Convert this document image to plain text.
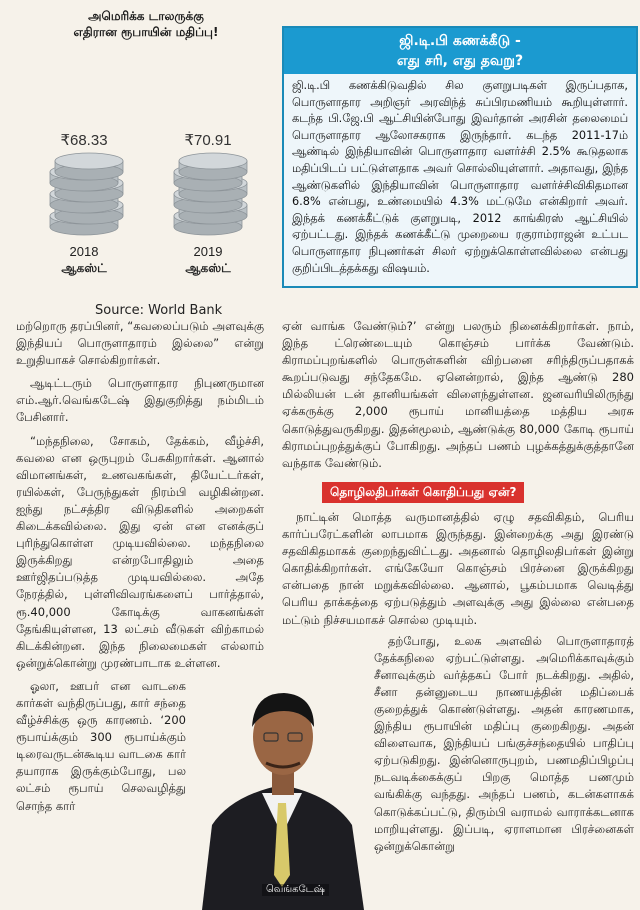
அமெரிக்க டாலருக்கு
எதிரான ரூபாயின் மதிப்பு!
₹68.33
2018
ஆகஸ்ட்
₹70.91
2019
ஆகஸ்ட்
Source: World Bank
ஜி.டி.பி கணக்கீடு -
எது சரி, எது தவறு?
ஜி.டி.பி கணக்கிடுவதில் சில குளறுபடிகள் இருப்பதாக, பொருளாதார அறிஞர் அரவிந்த் சுப்பிரமணியம் கூறியுள்ளார். கடந்த பி.ஜே.பி ஆட்சியின்போது இவர்தான் அரசின் தலைமைப் பொருளாதார ஆலோசகராக இருந்தார். கடந்த 2011-17ம் ஆண்டில் இந்தியாவின் பொருளாதார வளர்ச்சி 2.5% கூடுதலாக மதிப்பிடப் பட்டுள்ளதாக அவர் சொல்லியுள்ளார். அதாவது, இந்த ஆண்டுகளில் இந்தியாவின் பொருளாதார வளர்ச்சிவிகிதமான 6.8% என்பது, உண்மையில் 4.3% மட்டுமே என்கிறார் அவர். இந்தக் கணக்கீட்டுக் குளறுபடி, 2012 காங்கிரஸ் ஆட்சியில் ஏற்பட்டது. இந்தக் கணக்கீட்டு முறையை ரகுராம்ராஜன் உட்பட பொருளாதார நிபுணர்கள் சிலர் ஏற்றுக்கொள்ளவில்லை என்பது குறிப்பிடத்தக்கது விஷயம்.

மற்றொரு தரப்பினர், “கவலைப்படும் அளவுக்கு இந்தியப் பொருளாதாரம் இல்லை” என்று உறுதியாகச் சொல்கிறார்கள்.

ஆடிட்டரும் பொருளாதார நிபுணருமான எம்.ஆர்.வெங்கடேஷ் இதுகுறித்து நம்மிடம் பேசினார்.

“மந்தநிலை, சோகம், தேக்கம், வீழ்ச்சி, கவலை என ஒருபுறம் பேசுகிறார்கள். ஆனால் விமானங்கள், உணவகங்கள், தியேட்டர்கள், ரயில்கள், பேருந்துகள் நிரம்பி வழிகின்றன. ஐந்து நட்சத்திர விடுதிகளில் அறைகள் கிடைக்கவில்லை. இது ஏன் என எனக்குப் புரிந்துகொள்ள முடியவில்லை. மந்தநிலை இருக்கிறது என்றபோதிலும் அதை ஊர்ஜிதப்படுத்த முடியவில்லை. அதே நேரத்தில், புள்ளிவிவரங்களைப் பார்த்தால், ரூ.40,000 கோடிக்கு வாகனங்கள் தேங்கியுள்ளன, 13 லட்சம் வீடுகள் விற்காமல் கிடக்கின்றன. இந்த நிலைமைகள் எல்லாம் ஒன்றுக்கொன்று முரண்பாடாக உள்ளன.

ஓலா, ஊபர் என வாடகை கார்கள் வந்திருப்பது, கார் சந்தை வீழ்ச்சிக்கு ஒரு காரணம். ‘200 ரூபாய்க்கும் 300 ரூபாய்க்கும் டிரைவருடன்கூடிய வாடகை கார் தயாராக இருக்கும்போது, பல லட்சம் ரூபாய் செலவழித்து சொந்த கார்

ஏன் வாங்க வேண்டும்?’ என்று பலரும் நினைக்கிறார்கள். நாம், இந்த ட்ரெண்டையும் கொஞ்சம் பார்க்க வேண்டும். கிராமப்புறங்களில் பொருள்களின் விற்பனை சரிந்திருப்பதாகக் கூறப்படுவது சந்தேகமே. ஏனென்றால், இந்த ஆண்டு 280 மில்லியன் டன் தானியங்கள் விளைந்துள்ளன. ஜனவரியிலிருந்து ஏக்கருக்கு 2,000 ரூபாய் மானியத்தை மத்திய அரசு கொடுத்துவருகிறது. இதன்மூலம், ஆண்டுக்கு 80,000 கோடி ரூபாய் கிராமப்புறத்துக்குப் போகிறது. அந்தப் பணம் புழக்கத்துக்குத்தானே வந்தாக வேண்டும்.

தொழிலதிபர்கள் கொதிப்பது ஏன்?

நாட்டின் மொத்த வருமானத்தில் ஏழு சதவிகிதம், பெரிய கார்ப்பரேட்களின் லாபமாக இருந்தது. இன்றைக்கு அது இரண்டு சதவிகிதமாகக் குறைந்துவிட்டது. அதனால் தொழிலதிபர்கள் இன்று கொதிக்கிறார்கள். எங்கேயோ கொஞ்சம் பிரச்னை இருக்கிறது என்பதை நான் மறுக்கவில்லை. ஆனால், பூகம்பமாக வெடித்து பெரிய தாக்கத்தை ஏற்படுத்தும் அளவுக்கு அது இல்லை என்பதை மட்டும் நிச்சயமாகச் சொல்ல முடியும்.

தற்போது, உலக அளவில் பொருளாதாரத் தேக்கநிலை ஏற்பட்டுள்ளது. அமெரிக்காவுக்கும் சீனாவுக்கும் வர்த்தகப் போர் நடக்கிறது. அதில், சீனா தன்னுடைய நாணயத்தின் மதிப்பைக் குறைத்துக் கொண்டுள்ளது. அதன் காரணமாக, இந்திய ரூபாயின் மதிப்பு குறைகிறது. அதன் விளைவாக, இந்தியப் பங்குச்சந்தையில் பாதிப்பு ஏற்படுகிறது. இன்னொருபுறம், பணமதிப்பிழப்பு நடவடிக்கைக்குப் பிறகு மொத்த பணமும் வங்கிக்கு வந்தது. அந்தப் பணம், கடன்களாகக் கொடுக்கப்பட்டு, திரும்பி வராமல் வாராக்கடனாக மாறியுள்ளது. இப்படி, ஏராளமான பிரச்னைகள் ஒன்றுக்கொன்று

வெங்கடேஷ்
